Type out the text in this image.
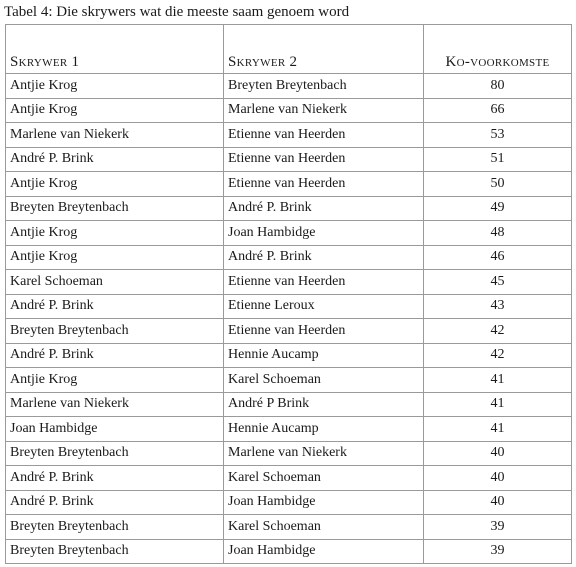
Tabel 4: Die skrywers wat die meeste saam genoem word
Skrywer 1	Skrywer 2	Ko-voorkomste
Antjie Krog	Breyten Breytenbach	80
Antjie Krog	Marlene van Niekerk	66
Marlene van Niekerk	Etienne van Heerden	53
André P. Brink	Etienne van Heerden	51
Antjie Krog	Etienne van Heerden	50
Breyten Breytenbach	André P. Brink	49
Antjie Krog	Joan Hambidge	48
Antjie Krog	André P. Brink	46
Karel Schoeman	Etienne van Heerden	45
André P. Brink	Etienne Leroux	43
Breyten Breytenbach	Etienne van Heerden	42
André P. Brink	Hennie Aucamp	42
Antjie Krog	Karel Schoeman	41
Marlene van Niekerk	André P Brink	41
Joan Hambidge	Hennie Aucamp	41
Breyten Breytenbach	Marlene van Niekerk	40
André P. Brink	Karel Schoeman	40
André P. Brink	Joan Hambidge	40
Breyten Breytenbach	Karel Schoeman	39
Breyten Breytenbach	Joan Hambidge	39
